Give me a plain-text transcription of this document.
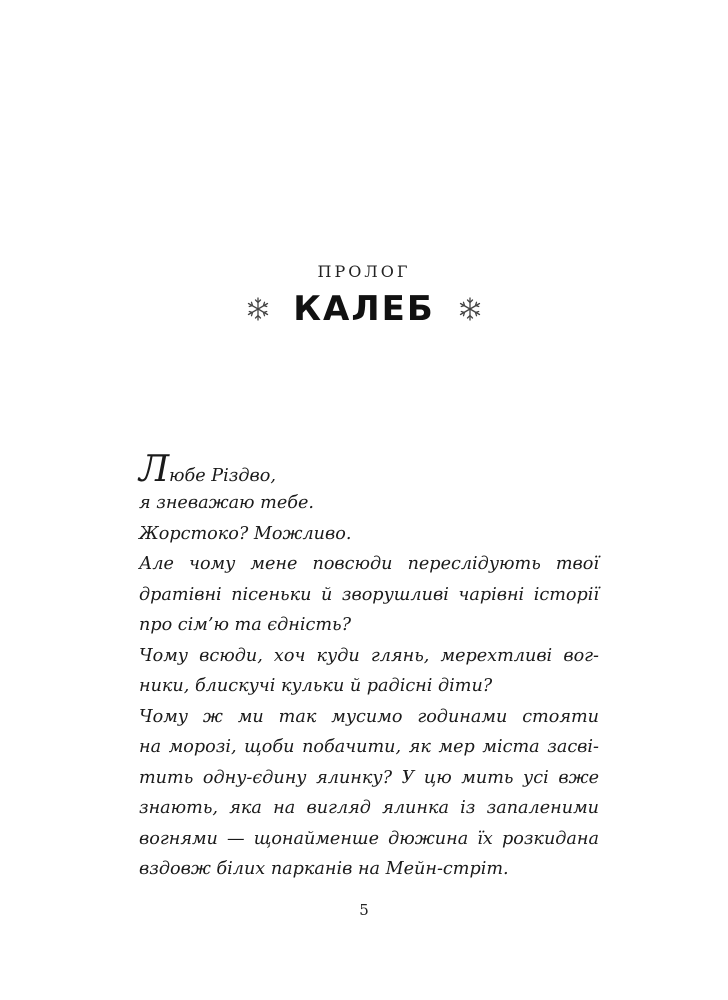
ПРОЛОГ
КАЛЕБ
Любе Різдво,
я зневажаю тебе.
Жорстоко? Можливо.
Але чому мене повсюди переслідують твої
дратівні пісеньки й зворушливі чарівні історії
про сім’ю та єдність?
Чому всюди, хоч куди глянь, мерехтливі вог-
ники, блискучі кульки й радісні діти?
Чому ж ми так мусимо годинами стояти
на морозі, щоби побачити, як мер міста засві-
тить одну-єдину ялинку? У цю мить усі вже
знають, яка на вигляд ялинка із запаленими
вогнями — щонайменше дюжина їх розкидана
вздовж білих парканів на Мейн-стріт.
5
